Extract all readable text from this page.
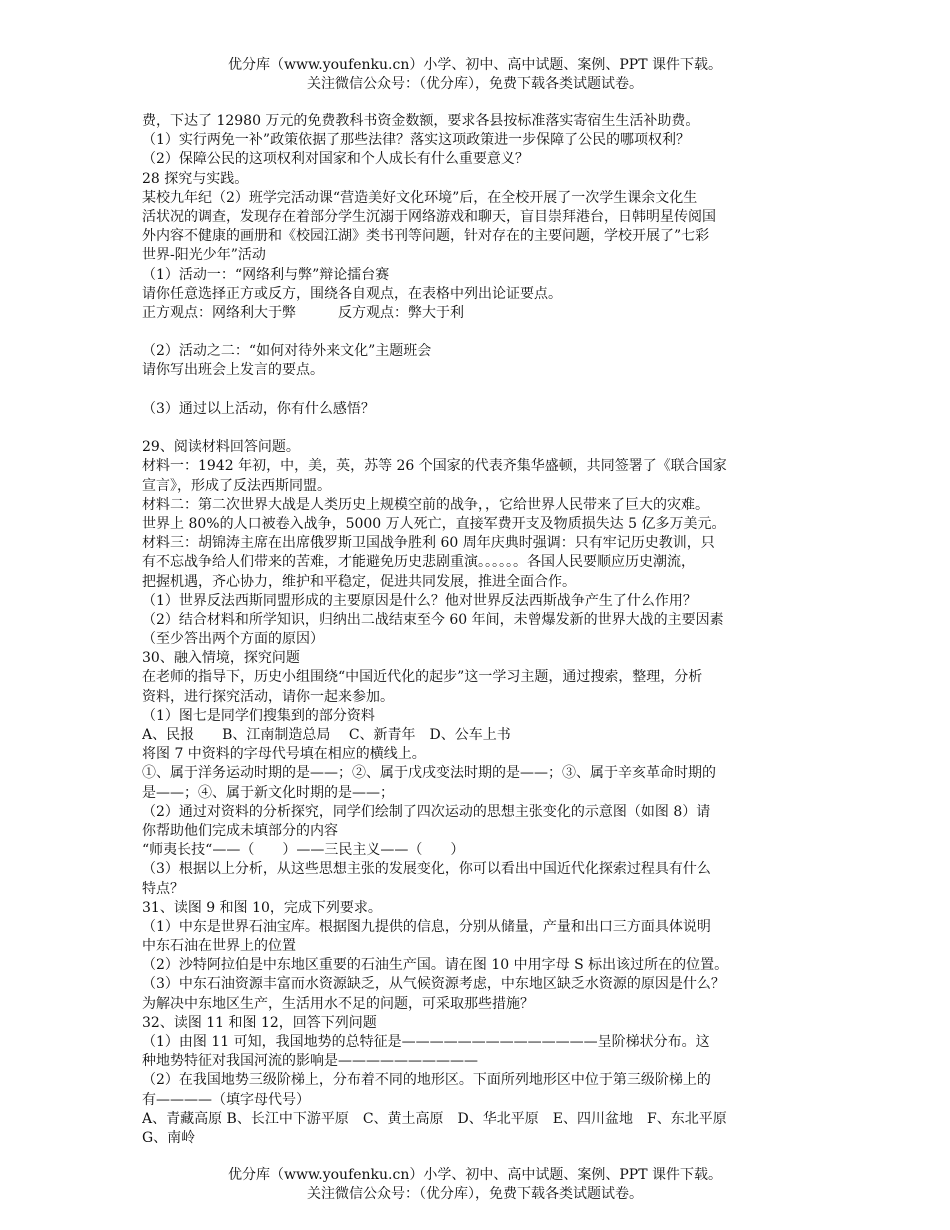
优分库（www.youfenku.cn）小学、初中、高中试题、案例、PPT 课件下载。
关注微信公众号：（优分库），免费下载各类试题试卷。
费，下达了 12980 万元的免费教科书资金数额，要求各县按标准落实寄宿生生活补助费。
（1）实行两免一补”政策依据了那些法律？落实这项政策进一步保障了公民的哪项权利？
（2）保障公民的这项权利对国家和个人成长有什么重要意义？
28 探究与实践。
某校九年纪（2）班学完活动课“营造美好文化环境”后，在全校开展了一次学生课余文化生
活状况的调查，发现存在着部分学生沉溺于网络游戏和聊天，盲目崇拜港台，日韩明星传阅国
外内容不健康的画册和《校园江湖》类书刊等问题，针对存在的主要问题，学校开展了”七彩
世界-阳光少年”活动
（1）活动一：“网络利与弊”辩论擂台赛
请你任意选择正方或反方，围绕各自观点，在表格中列出论证要点。
正方观点：网络利大于弊　　　反方观点：弊大于利
（2）活动之二：“如何对待外来文化”主题班会
请你写出班会上发言的要点。
（3）通过以上活动，你有什么感悟？
29、阅读材料回答问题。
材料一：1942 年初，中，美，英，苏等 26 个国家的代表齐集华盛顿，共同签署了《联合国家
宣言》，形成了反法西斯同盟。
材料二：第二次世界大战是人类历史上规模空前的战争，，它给世界人民带来了巨大的灾难。
世界上 80%的人口被卷入战争，5000 万人死亡，直接军费开支及物质损失达 5 亿多万美元。
材料三：胡锦涛主席在出席俄罗斯卫国战争胜利 60 周年庆典时强调：只有牢记历史教训，只
有不忘战争给人们带来的苦难，才能避免历史悲剧重演。。。。。。各国人民要顺应历史潮流，
把握机遇，齐心协力，维护和平稳定，促进共同发展，推进全面合作。
（1）世界反法西斯同盟形成的主要原因是什么？他对世界反法西斯战争产生了什么作用？
（2）结合材料和所学知识，归纳出二战结束至今 60 年间，未曾爆发新的世界大战的主要因素
（至少答出两个方面的原因）
30、融入情境，探究问题
在老师的指导下，历史小组围绕“中国近代化的起步”这一学习主题，通过搜索，整理，分析
资料，进行探究活动，请你一起来参加。
（1）图七是同学们搜集到的部分资料
A、民报　　B、江南制造总局　 C、新青年　D、公车上书
将图 7 中资料的字母代号填在相应的横线上。
①、属于洋务运动时期的是——；②、属于戊戌变法时期的是——；③、属于辛亥革命时期的
是——；④、属于新文化时期的是——；
（2）通过对资料的分析探究，同学们绘制了四次运动的思想主张变化的示意图（如图 8）请
你帮助他们完成未填部分的内容
“师夷长技“——（　　）——三民主义——（　　）
（3）根据以上分析，从这些思想主张的发展变化，你可以看出中国近代化探索过程具有什么
特点？
31、读图 9 和图 10，完成下列要求。
（1）中东是世界石油宝库。根据图九提供的信息，分别从储量，产量和出口三方面具体说明
中东石油在世界上的位置
（2）沙特阿拉伯是中东地区重要的石油生产国。请在图 10 中用字母 S 标出该过所在的位置。
（3）中东石油资源丰富而水资源缺乏，从气候资源考虑，中东地区缺乏水资源的原因是什么？
为解决中东地区生产，生活用水不足的问题，可采取那些措施？
32、读图 11 和图 12，回答下列问题
（1）由图 11 可知，我国地势的总特征是——————————————呈阶梯状分布。这
种地势特征对我国河流的影响是——————————
（2）在我国地势三级阶梯上，分布着不同的地形区。下面所列地形区中位于第三级阶梯上的
有————（填字母代号）
A、青藏高原 B、长江中下游平原　C、黄土高原　D、华北平原　E、四川盆地　F、东北平原
G、南岭
优分库（www.youfenku.cn）小学、初中、高中试题、案例、PPT 课件下载。
关注微信公众号：（优分库），免费下载各类试题试卷。
